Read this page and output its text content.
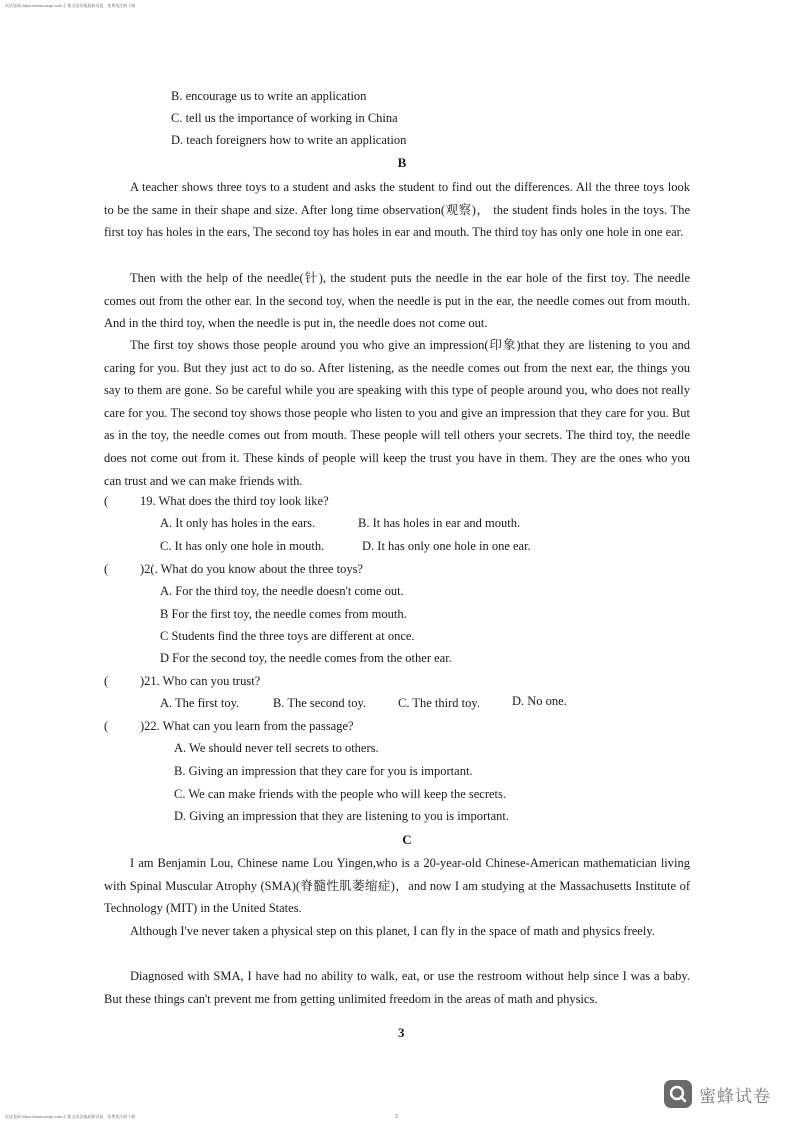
试试卷网 https://www.mxqe.com 汇集全国各地最新试卷，免费免注册下载
B. encourage us to write an application
C. tell us the importance of working in China
D. teach foreigners how to write an application
B
A teacher shows three toys to a student and asks the student to find out the differences. All the three toys look to be the same in their shape and size. After long time observation(观察)， the student finds holes in the toys. The first toy has holes in the ears, The second toy has holes in ear and mouth. The third toy has only one hole in one ear.
Then with the help of the needle(针), the student puts the needle in the ear hole of the first toy. The needle comes out from the other ear. In the second toy, when the needle is put in the ear, the needle comes out from mouth. And in the third toy, when the needle is put in, the needle does not come out.
The first toy shows those people around you who give an impression(印象)that they are listening to you and caring for you. But they just act to do so. After listening, as the needle comes out from the next ear, the things you say to them are gone. So be careful while you are speaking with this type of people around you, who does not really care for you. The second toy shows those people who listen to you and give an impression that they care for you. But as in the toy, the needle comes out from mouth. These people will tell others your secrets. The third toy, the needle does not come out from it. These kinds of people will keep the trust you have in them. They are the ones who you can trust and we can make friends with.
(	19. What does the third toy look like?
A. It only has holes in the ears.	B. It has holes in ear and mouth.
C. It has only one hole in mouth.	D. It has only one hole in one ear.
(	)2(. What do you know about the three toys?
A. For the third toy, the needle doesn't come out.
B For the first toy, the needle comes from mouth.
C Students find the three toys are different at once.
D For the second toy, the needle comes from the other ear.
(	)21. Who can you trust?
A. The first toy.	B. The second toy.	C. The third toy.	D. No one.
(	)22. What can you learn from the passage?
A. We should never tell secrets to others.
B. Giving an impression that they care for you is important.
C. We can make friends with the people who will keep the secrets.
D. Giving an impression that they are listening to you is important.
C
I am Benjamin Lou, Chinese name Lou Yingen,who is a 20-year-old Chinese-American mathematician living with Spinal Muscular Atrophy (SMA)(脊髓性肌萎缩症)，and now I am studying at the Massachusetts Institute of Technology (MIT) in the United States.
Although I've never taken a physical step on this planet, I can fly in the space of math and physics freely.
Diagnosed with SMA, I have had no ability to walk, eat, or use the restroom without help since I was a baby. But these things can't prevent me from getting unlimited freedom in the areas of math and physics.
3
蜜蜂试卷
试试卷网 https://www.mxqe.com 汇集全国各地最新试卷，免费免注册下载	3
